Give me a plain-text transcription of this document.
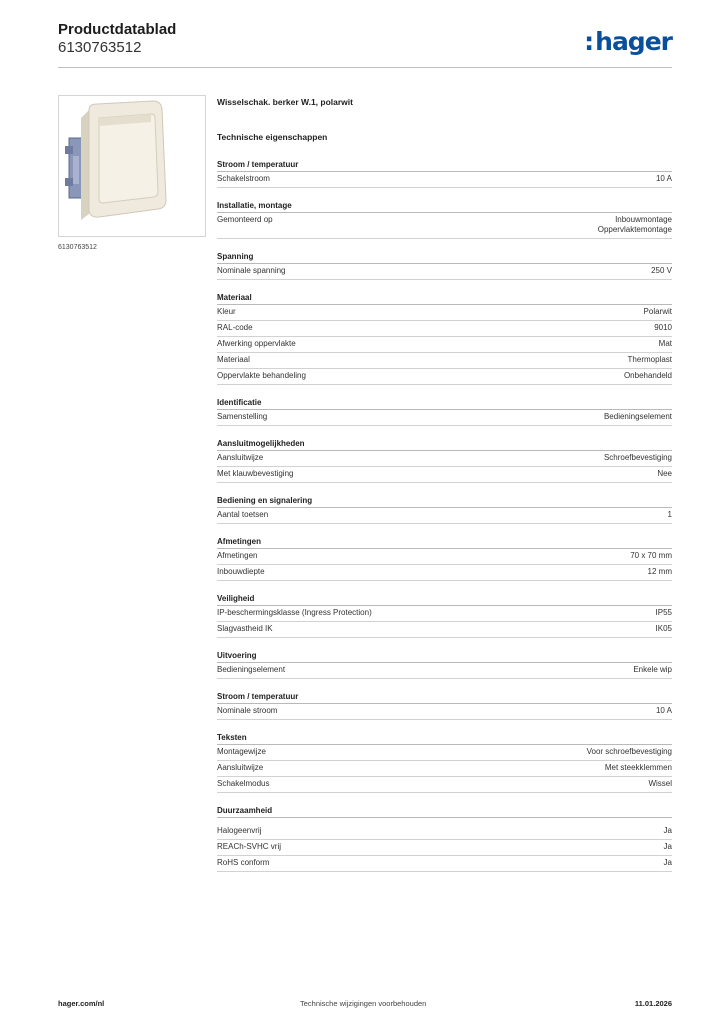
Productdatablad
6130763512	:hager
6130763512
Wisselschak. berker W.1, polarwit
Technische eigenschappen
Stroom / temperatuur
Schakelstroom	10 A
Installatie, montage
Gemonteerd op	Inbouwmontage
Oppervlaktemontage
Spanning
Nominale spanning	250 V
Materiaal
Kleur	Polarwit
RAL-code	9010
Afwerking oppervlakte	Mat
Materiaal	Thermoplast
Oppervlakte behandeling	Onbehandeld
Identificatie
Samenstelling	Bedieningselement
Aansluitmogelijkheden
Aansluitwijze	Schroefbevestiging
Met klauwbevestiging	Nee
Bediening en signalering
Aantal toetsen	1
Afmetingen
Afmetingen	70 x 70 mm
Inbouwdiepte	12 mm
Veiligheid
IP-beschermingsklasse (Ingress Protection)	IP55
Slagvastheid IK	IK05
Uitvoering
Bedieningselement	Enkele wip
Stroom / temperatuur
Nominale stroom	10 A
Teksten
Montagewijze	Voor schroefbevestiging
Aansluitwijze	Met steekklemmen
Schakelmodus	Wissel
Duurzaamheid
Halogeenvrij	Ja
REACh-SVHC vrij	Ja
RoHS conform	Ja
hager.com/nl	Technische wijzigingen voorbehouden	11.01.2026
